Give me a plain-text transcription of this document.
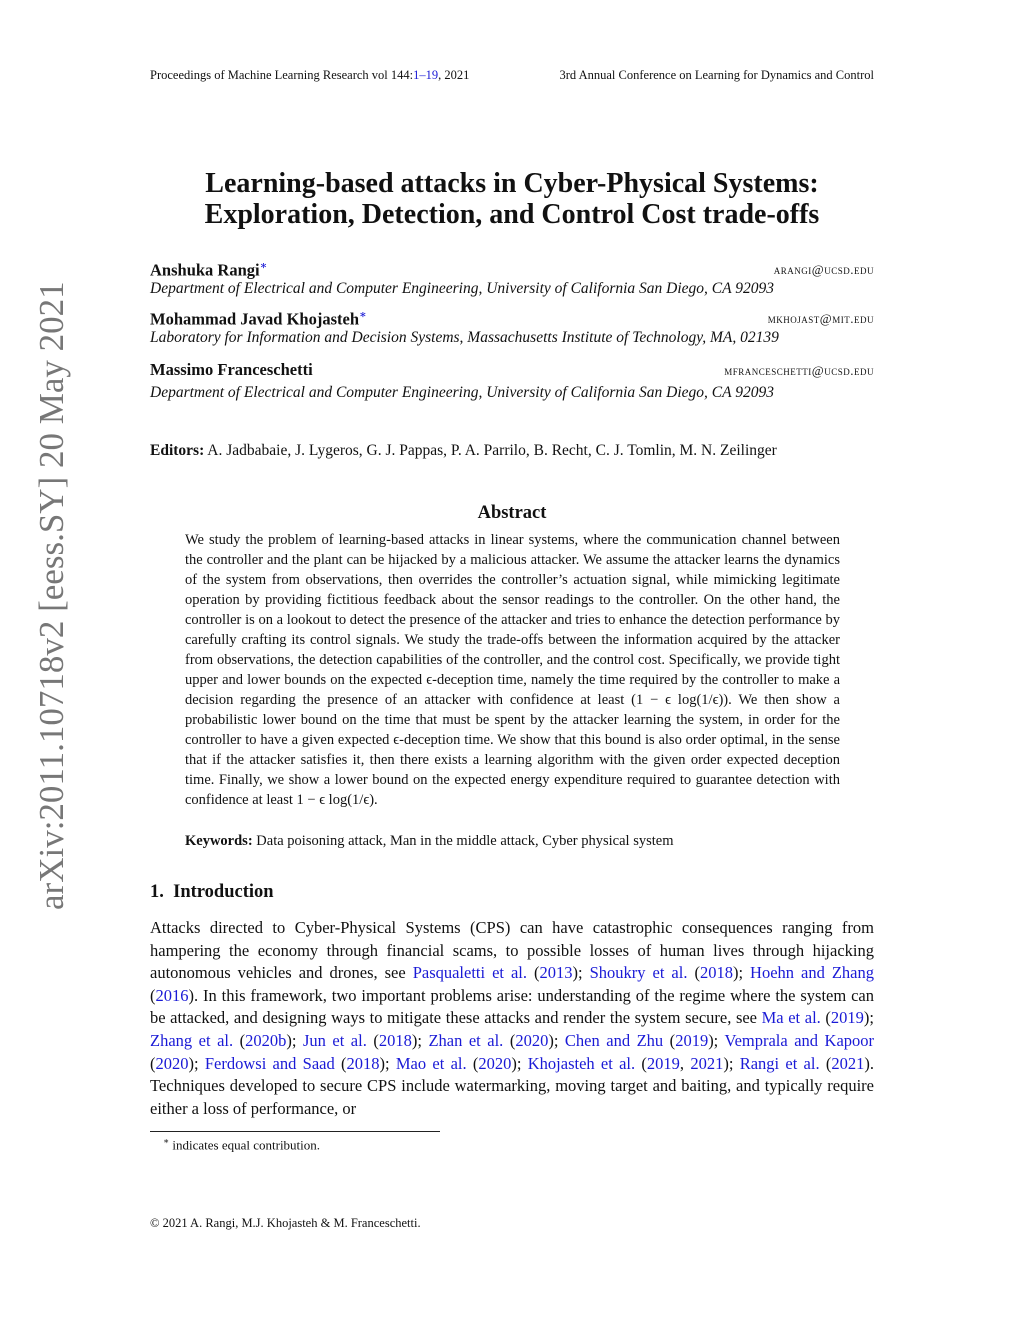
Proceedings of Machine Learning Research vol 144:1–19, 2021	3rd Annual Conference on Learning for Dynamics and Control
arXiv:2011.10718v2 [eess.SY] 20 May 2021
Learning-based attacks in Cyber-Physical Systems:
Exploration, Detection, and Control Cost trade-offs
Anshuka Rangi∗	arangi@ucsd.edu
Department of Electrical and Computer Engineering, University of California San Diego, CA 92093
Mohammad Javad Khojasteh∗	mkhojast@mit.edu
Laboratory for Information and Decision Systems, Massachusetts Institute of Technology, MA, 02139
Massimo Franceschetti	mfranceschetti@ucsd.edu
Department of Electrical and Computer Engineering, University of California San Diego, CA 92093
Editors: A. Jadbabaie, J. Lygeros, G. J. Pappas, P. A. Parrilo, B. Recht, C. J. Tomlin, M. N. Zeilinger
Abstract
We study the problem of learning-based attacks in linear systems, where the communication channel between the controller and the plant can be hijacked by a malicious attacker. We assume the attacker learns the dynamics of the system from observations, then overrides the controller’s actuation signal, while mimicking legitimate operation by providing fictitious feedback about the sensor readings to the controller. On the other hand, the controller is on a lookout to detect the presence of the attacker and tries to enhance the detection performance by carefully crafting its control signals. We study the trade-offs between the information acquired by the attacker from observations, the detection capabilities of the controller, and the control cost. Specifically, we provide tight upper and lower bounds on the expected ϵ-deception time, namely the time required by the controller to make a decision regarding the presence of an attacker with confidence at least (1 − ϵ log(1/ϵ)). We then show a probabilistic lower bound on the time that must be spent by the attacker learning the system, in order for the controller to have a given expected ϵ-deception time. We show that this bound is also order optimal, in the sense that if the attacker satisfies it, then there exists a learning algorithm with the given order expected deception time. Finally, we show a lower bound on the expected energy expenditure required to guarantee detection with confidence at least 1 − ϵ log(1/ϵ).
Keywords: Data poisoning attack, Man in the middle attack, Cyber physical system
1. Introduction
Attacks directed to Cyber-Physical Systems (CPS) can have catastrophic consequences ranging from hampering the economy through financial scams, to possible losses of human lives through hijacking autonomous vehicles and drones, see Pasqualetti et al. (2013); Shoukry et al. (2018); Hoehn and Zhang (2016). In this framework, two important problems arise: understanding of the regime where the system can be attacked, and designing ways to mitigate these attacks and render the system secure, see Ma et al. (2019); Zhang et al. (2020b); Jun et al. (2018); Zhan et al. (2020); Chen and Zhu (2019); Vemprala and Kapoor (2020); Ferdowsi and Saad (2018); Mao et al. (2020); Khojasteh et al. (2019, 2021); Rangi et al. (2021). Techniques developed to secure CPS include watermarking, moving target and baiting, and typically require either a loss of performance, or
∗ indicates equal contribution.
© 2021 A. Rangi, M.J. Khojasteh & M. Franceschetti.
